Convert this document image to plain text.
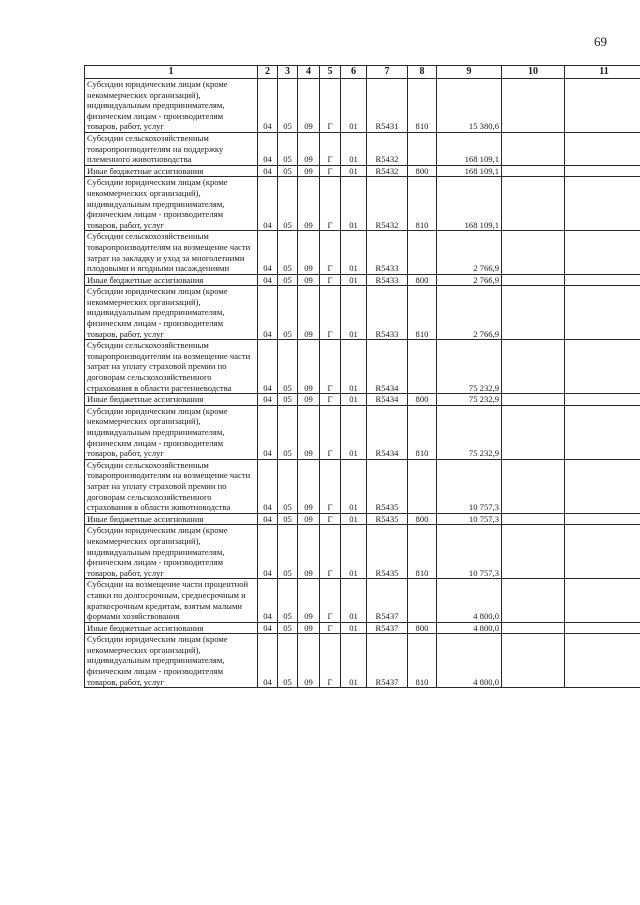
69
1	2	3	4	5	6	7	8	9	10	11
Субсидии юридическим лицам (кроме некоммерческих организаций), индивидуальным предпринимателям, физическим лицам - производителям товаров, работ, услуг	04	05	09	Г	01	R5431	810	15 380,6		
Субсидии сельскохозяйственным товаропроизводителям на поддержку племенного животноводства	04	05	09	Г	01	R5432		168 109,1		
Иные бюджетные ассигнования	04	05	09	Г	01	R5432	800	168 109,1		
Субсидии юридическим лицам (кроме некоммерческих организаций), индивидуальным предпринимателям, физическим лицам - производителям товаров, работ, услуг	04	05	09	Г	01	R5432	810	168 109,1		
Субсидии сельскохозяйственным товаропроизводителям на возмещение части затрат на закладку и уход за многолетними плодовыми и ягодными насаждениями	04	05	09	Г	01	R5433		2 766,9		
Иные бюджетные ассигнования	04	05	09	Г	01	R5433	800	2 766,9		
Субсидии юридическим лицам (кроме некоммерческих организаций), индивидуальным предпринимателям, физическим лицам - производителям товаров, работ, услуг	04	05	09	Г	01	R5433	810	2 766,9		
Субсидии сельскохозяйственным товаропроизводителям на возмещение части затрат на уплату страховой премии по договорам сельскохозяйственного страхования в области растениеводства	04	05	09	Г	01	R5434		75 232,9		
Иные бюджетные ассигнования	04	05	09	Г	01	R5434	800	75 232,9		
Субсидии юридическим лицам (кроме некоммерческих организаций), индивидуальным предпринимателям, физическим лицам - производителям товаров, работ, услуг	04	05	09	Г	01	R5434	810	75 232,9		
Субсидии сельскохозяйственным товаропроизводителям на возмещение части затрат на уплату страховой премии по договорам сельскохозяйственного страхования в области животноводства	04	05	09	Г	01	R5435		10 757,3		
Иные бюджетные ассигнования	04	05	09	Г	01	R5435	800	10 757,3		
Субсидии юридическим лицам (кроме некоммерческих организаций), индивидуальным предпринимателям, физическим лицам - производителям товаров, работ, услуг	04	05	09	Г	01	R5435	810	10 757,3		
Субсидии на возмещение части процентной ставки по долгосрочным, среднесрочным и краткосрочным кредитам, взятым малыми формами хозяйствования	04	05	09	Г	01	R5437		4 800,0		
Иные бюджетные ассигнования	04	05	09	Г	01	R5437	800	4 800,0		
Субсидии юридическим лицам (кроме некоммерческих организаций), индивидуальным предпринимателям, физическим лицам - производителям товаров, работ, услуг	04	05	09	Г	01	R5437	810	4 800,0		
